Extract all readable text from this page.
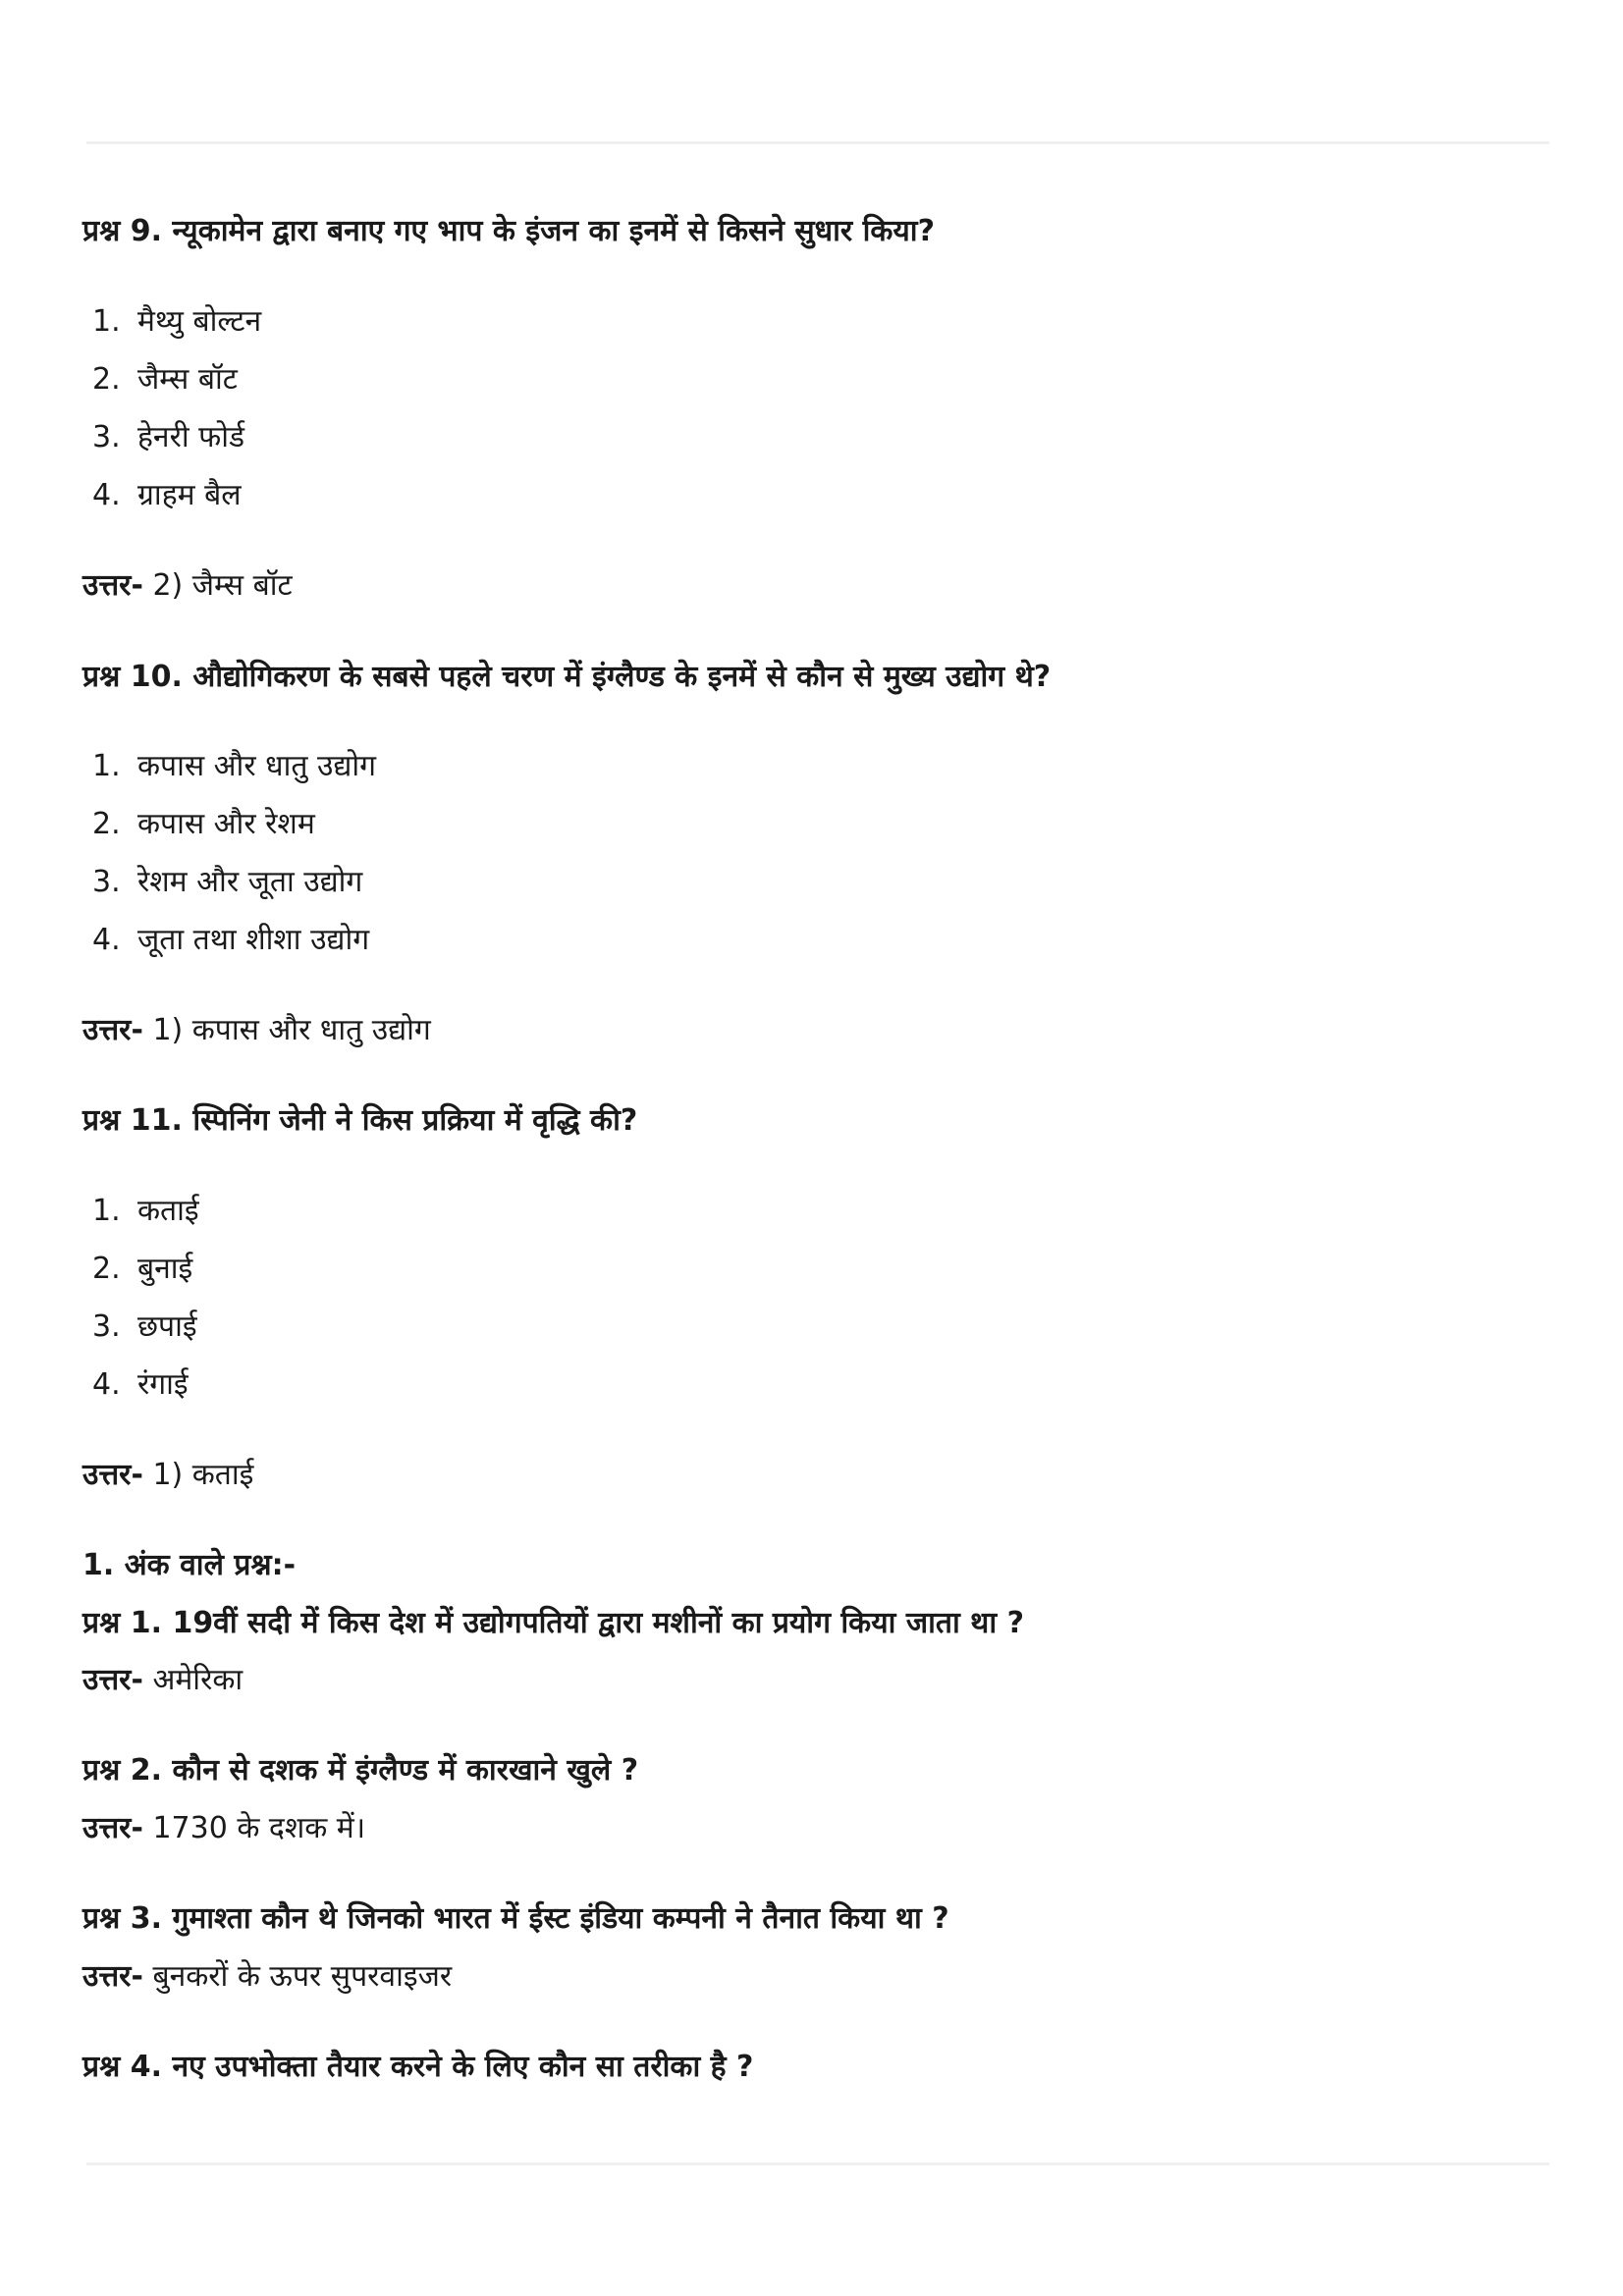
प्रश्न 9. न्यूकामेन द्वारा बनाए गए भाप के इंजन का इनमें से किसने सुधार किया?
1. मैथ्यु बोल्टन
2. जैम्स बॉट
3. हेनरी फोर्ड
4. ग्राहम बैल
उत्तर- 2) जैम्स बॉट
प्रश्न 10. औद्योगिकरण के सबसे पहले चरण में इंग्लैण्ड के इनमें से कौन से मुख्य उद्योग थे?
1. कपास और धातु उद्योग
2. कपास और रेशम
3. रेशम और जूता उद्योग
4. जूता तथा शीशा उद्योग
उत्तर- 1) कपास और धातु उद्योग
प्रश्न 11. स्पिनिंग जेनी ने किस प्रक्रिया में वृद्धि की?
1. कताई
2. बुनाई
3. छपाई
4. रंगाई
उत्तर- 1) कताई
1. अंक वाले प्रश्न:-
प्रश्न 1. 19वीं सदी में किस देश में उद्योगपतियों द्वारा मशीनों का प्रयोग किया जाता था ?
उत्तर- अमेरिका
प्रश्न 2. कौन से दशक में इंग्लैण्ड में कारखाने खुले ?
उत्तर- 1730 के दशक में।
प्रश्न 3. गुमाश्ता कौन थे जिनको भारत में ईस्ट इंडिया कम्पनी ने तैनात किया था ?
उत्तर- बुनकरों के ऊपर सुपरवाइजर
प्रश्न 4. नए उपभोक्ता तैयार करने के लिए कौन सा तरीका है ?
